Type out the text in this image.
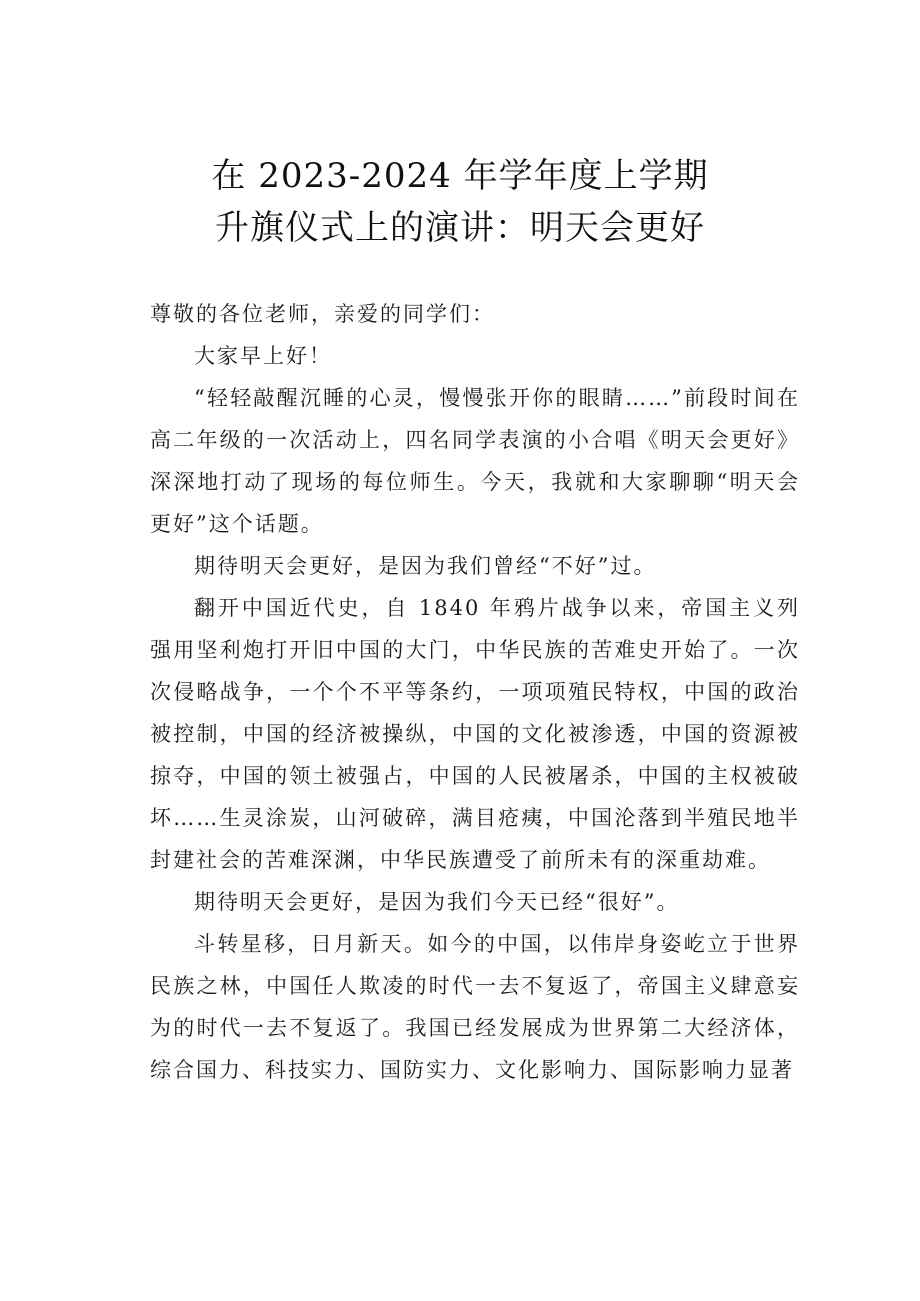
在 2023-2024 年学年度上学期
升旗仪式上的演讲：明天会更好

尊敬的各位老师，亲爱的同学们：

大家早上好！

“轻轻敲醒沉睡的心灵，慢慢张开你的眼睛……”前段时间在高二年级的一次活动上，四名同学表演的小合唱《明天会更好》深深地打动了现场的每位师生。今天，我就和大家聊聊“明天会更好”这个话题。

期待明天会更好，是因为我们曾经“不好”过。

翻开中国近代史，自 1840 年鸦片战争以来，帝国主义列强用坚利炮打开旧中国的大门，中华民族的苦难史开始了。一次次侵略战争，一个个不平等条约，一项项殖民特权，中国的政治被控制，中国的经济被操纵，中国的文化被渗透，中国的资源被掠夺，中国的领土被强占，中国的人民被屠杀，中国的主权被破坏……生灵涂炭，山河破碎，满目疮痍，中国沦落到半殖民地半封建社会的苦难深渊，中华民族遭受了前所未有的深重劫难。

期待明天会更好，是因为我们今天已经“很好”。

斗转星移，日月新天。如今的中国，以伟岸身姿屹立于世界民族之林，中国任人欺凌的时代一去不复返了，帝国主义肆意妄为的时代一去不复返了。我国已经发展成为世界第二大经济体，综合国力、科技实力、国防实力、文化影响力、国际影响力显著
